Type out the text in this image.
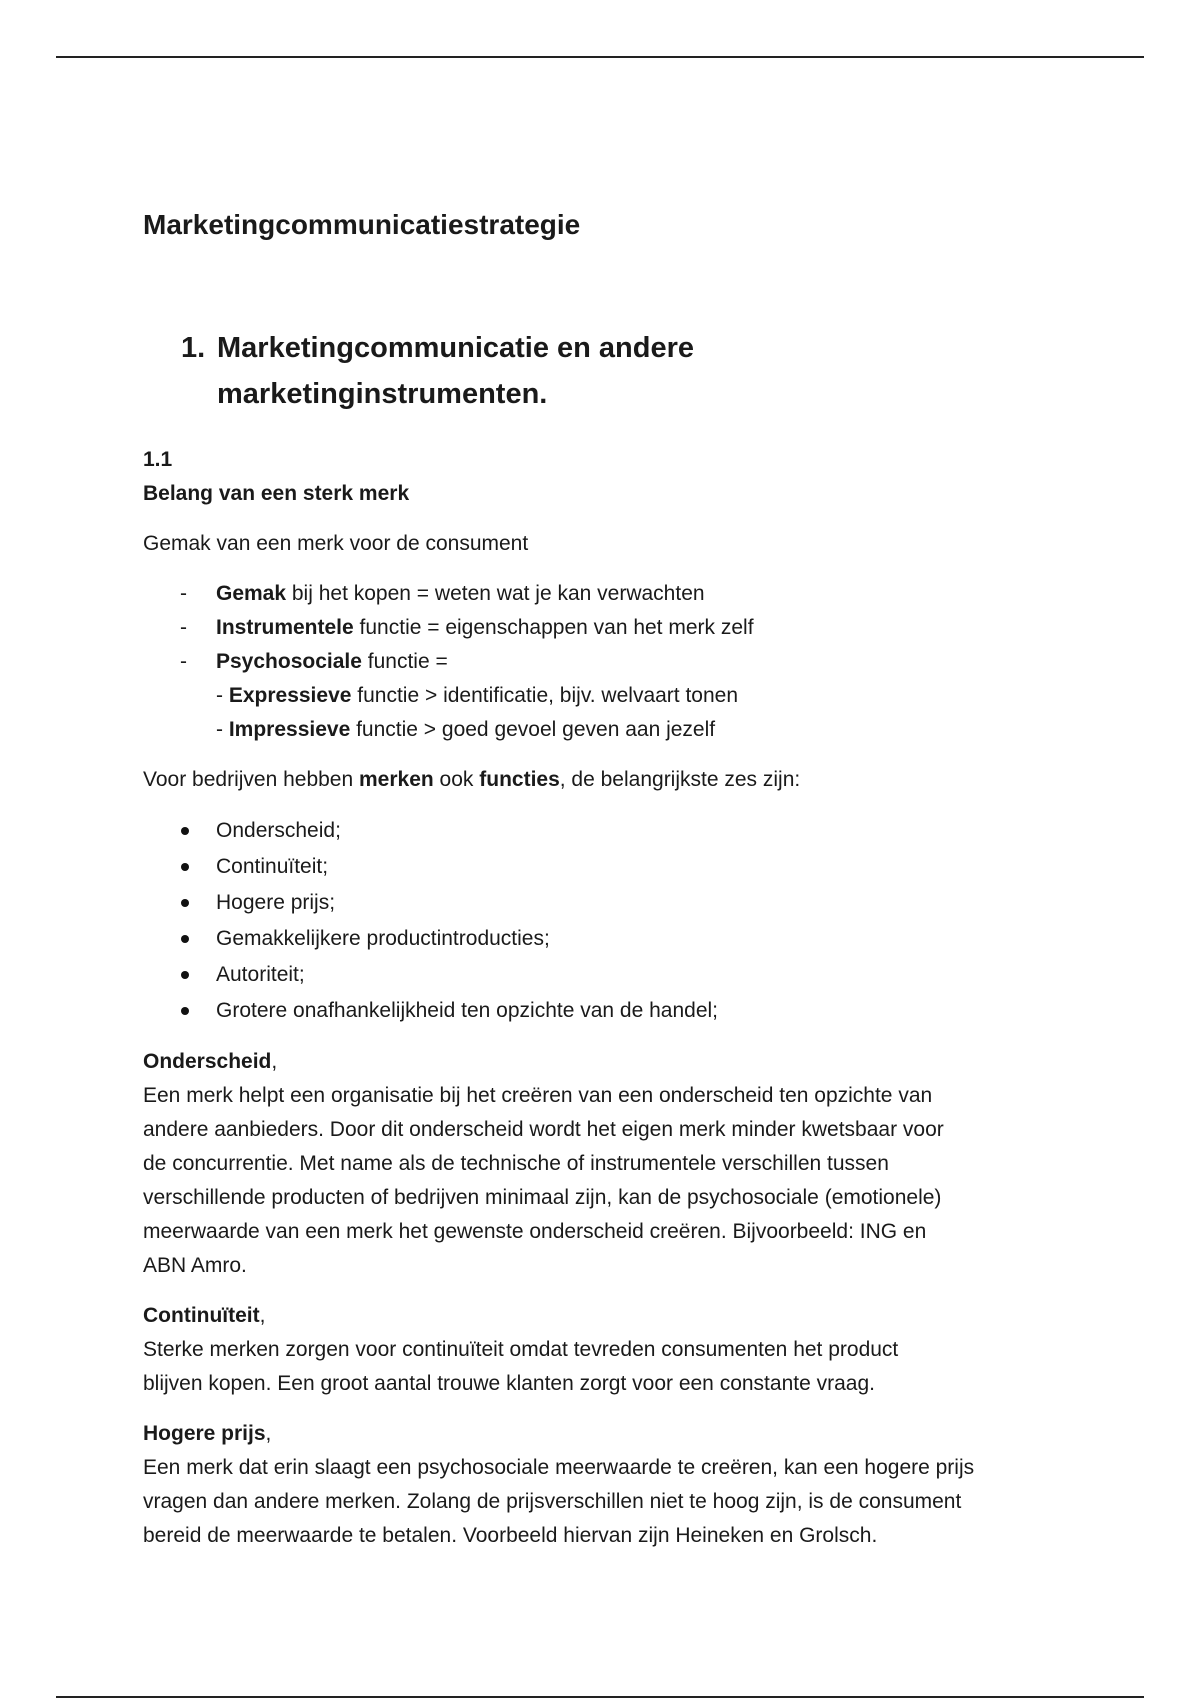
Marketingcommunicatiestrategie
1. Marketingcommunicatie en andere
marketinginstrumenten.
1.1
Belang van een sterk merk

Gemak van een merk voor de consument

- Gemak bij het kopen = weten wat je kan verwachten
- Instrumentele functie = eigenschappen van het merk zelf
- Psychosociale functie =
- Expressieve functie > identificatie, bijv. welvaart tonen
- Impressieve functie > goed gevoel geven aan jezelf

Voor bedrijven hebben merken ook functies, de belangrijkste zes zijn:

Onderscheid;
Continuïteit;
Hogere prijs;
Gemakkelijkere productintroducties;
Autoriteit;
Grotere onafhankelijkheid ten opzichte van de handel;
Onderscheid,
Een merk helpt een organisatie bij het creëren van een onderscheid ten opzichte van
andere aanbieders. Door dit onderscheid wordt het eigen merk minder kwetsbaar voor
de concurrentie. Met name als de technische of instrumentele verschillen tussen
verschillende producten of bedrijven minimaal zijn, kan de psychosociale (emotionele)
meerwaarde van een merk het gewenste onderscheid creëren. Bijvoorbeeld: ING en
ABN Amro.
Continuïteit,
Sterke merken zorgen voor continuïteit omdat tevreden consumenten het product
blijven kopen. Een groot aantal trouwe klanten zorgt voor een constante vraag.
Hogere prijs,
Een merk dat erin slaagt een psychosociale meerwaarde te creëren, kan een hogere prijs
vragen dan andere merken. Zolang de prijsverschillen niet te hoog zijn, is de consument
bereid de meerwaarde te betalen. Voorbeeld hiervan zijn Heineken en Grolsch.
